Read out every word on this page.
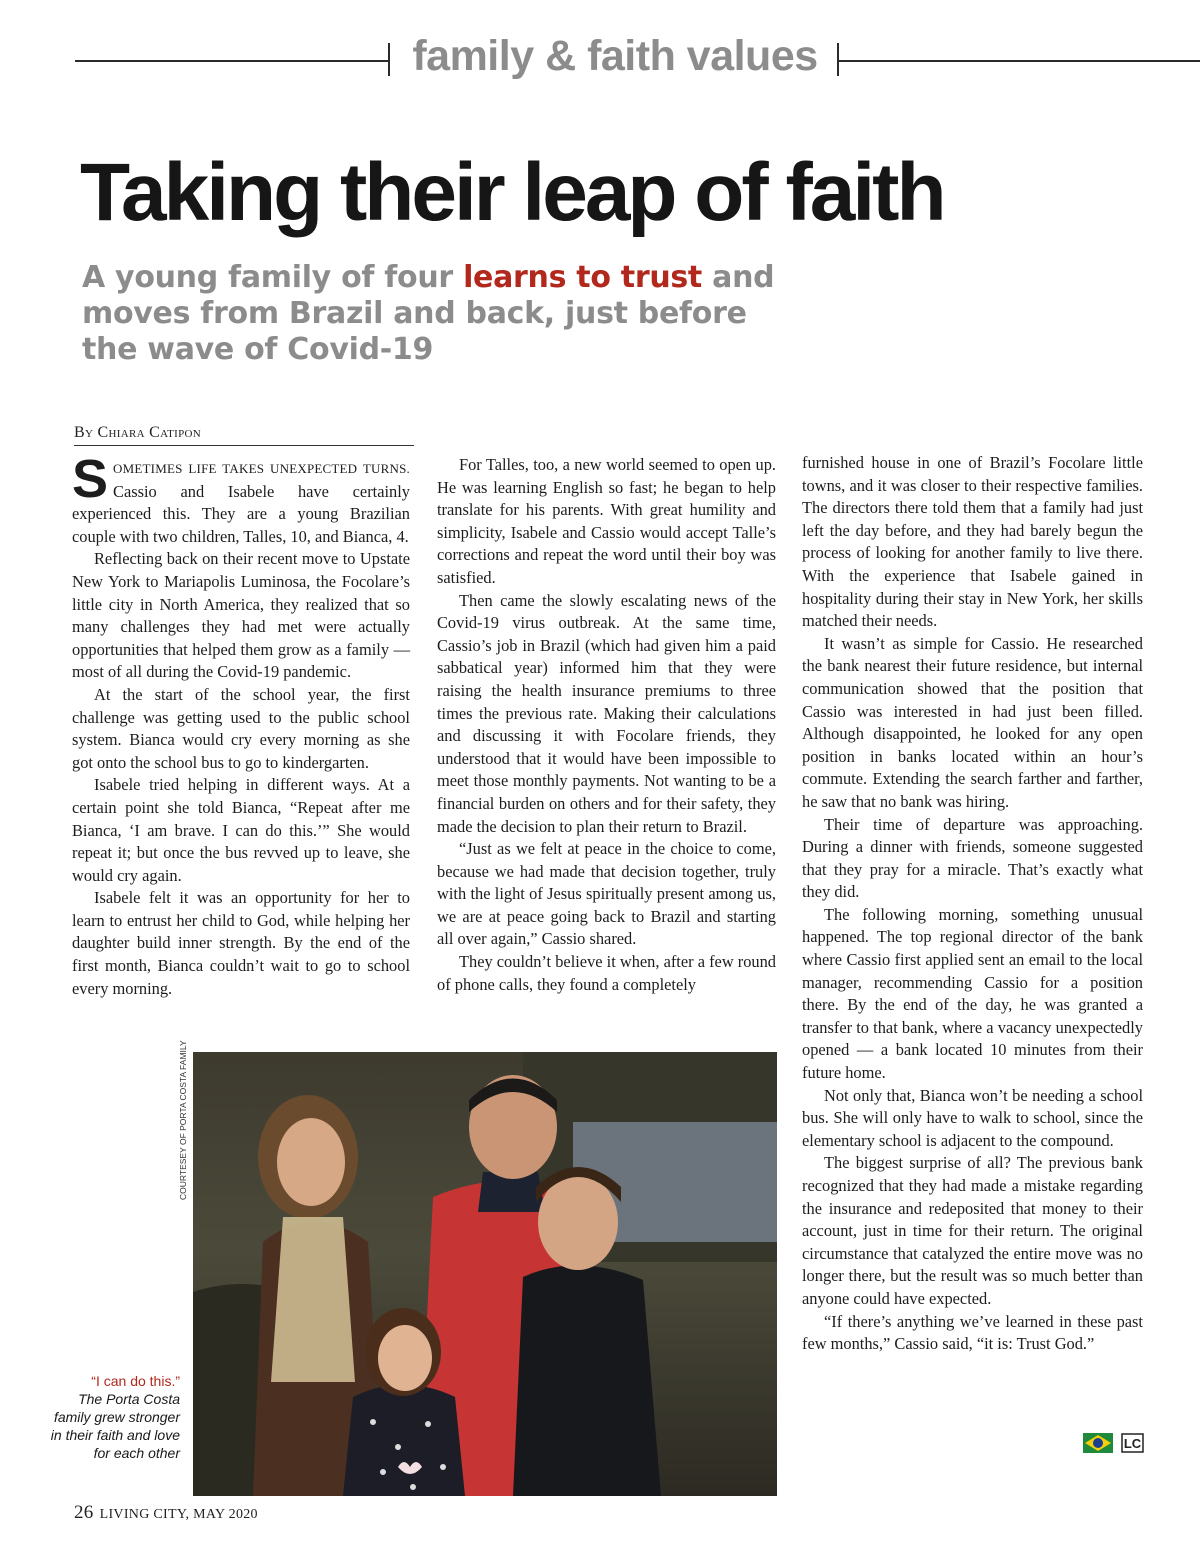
family & faith values
Taking their leap of faith
A young family of four learns to trust and moves from Brazil and back, just before the wave of Covid-19
By Chiara Catipon

SOMETIMES LIFE TAKES UNEXPECTED TURNS. Cassio and Isabele have certainly experienced this. They are a young Brazilian couple with two children, Talles, 10, and Bianca, 4.

Reflecting back on their recent move to Upstate New York to Mariapolis Luminosa, the Focolare’s little city in North America, they realized that so many challenges they had met were actually opportunities that helped them grow as a family — most of all during the Covid-19 pandemic.

At the start of the school year, the first challenge was getting used to the public school system. Bianca would cry every morning as she got onto the school bus to go to kindergarten.

Isabele tried helping in different ways. At a certain point she told Bianca, “Repeat after me Bianca, ‘I am brave. I can do this.’” She would repeat it; but once the bus revved up to leave, she would cry again.

Isabele felt it was an opportunity for her to learn to entrust her child to God, while helping her daughter build inner strength. By the end of the first month, Bianca couldn’t wait to go to school every morning.

For Talles, too, a new world seemed to open up. He was learning English so fast; he began to help translate for his parents. With great humility and simplicity, Isabele and Cassio would accept Talle’s corrections and repeat the word until their boy was satisfied.

Then came the slowly escalating news of the Covid-19 virus outbreak. At the same time, Cassio’s job in Brazil (which had given him a paid sabbatical year) informed him that they were raising the health insurance premiums to three times the previous rate. Making their calculations and discussing it with Focolare friends, they understood that it would have been impossible to meet those monthly payments. Not wanting to be a financial burden on others and for their safety, they made the decision to plan their return to Brazil.

“Just as we felt at peace in the choice to come, because we had made that decision together, truly with the light of Jesus spiritually present among us, we are at peace going back to Brazil and starting all over again,” Cassio shared.

They couldn’t believe it when, after a few round of phone calls, they found a completely

furnished house in one of Brazil’s Focolare little towns, and it was closer to their respective families. The directors there told them that a family had just left the day before, and they had barely begun the process of looking for another family to live there. With the experience that Isabele gained in hospitality during their stay in New York, her skills matched their needs.

It wasn’t as simple for Cassio. He researched the bank nearest their future residence, but internal communication showed that the position that Cassio was interested in had just been filled. Although disappointed, he looked for any open position in banks located within an hour’s commute. Extending the search farther and farther, he saw that no bank was hiring.

Their time of departure was approaching. During a dinner with friends, someone suggested that they pray for a miracle. That’s exactly what they did.

The following morning, something unusual happened. The top regional director of the bank where Cassio first applied sent an email to the local manager, recommending Cassio for a position there. By the end of the day, he was granted a transfer to that bank, where a vacancy unexpectedly opened — a bank located 10 minutes from their future home.

Not only that, Bianca won’t be needing a school bus. She will only have to walk to school, since the elementary school is adjacent to the compound.

The biggest surprise of all? The previous bank recognized that they had made a mistake regarding the insurance and redeposited that money to their account, just in time for their return. The original circumstance that catalyzed the entire move was no longer there, but the result was so much better than anyone could have expected.

“If there’s anything we’ve learned in these past few months,” Cassio said, “it is: Trust God.”

COURTESEY OF PORTA COSTA FAMILY
“I can do this.”
The Porta Costa family grew stronger in their faith and love for each other
LC
26 LIVING CITY, MAY 2020
